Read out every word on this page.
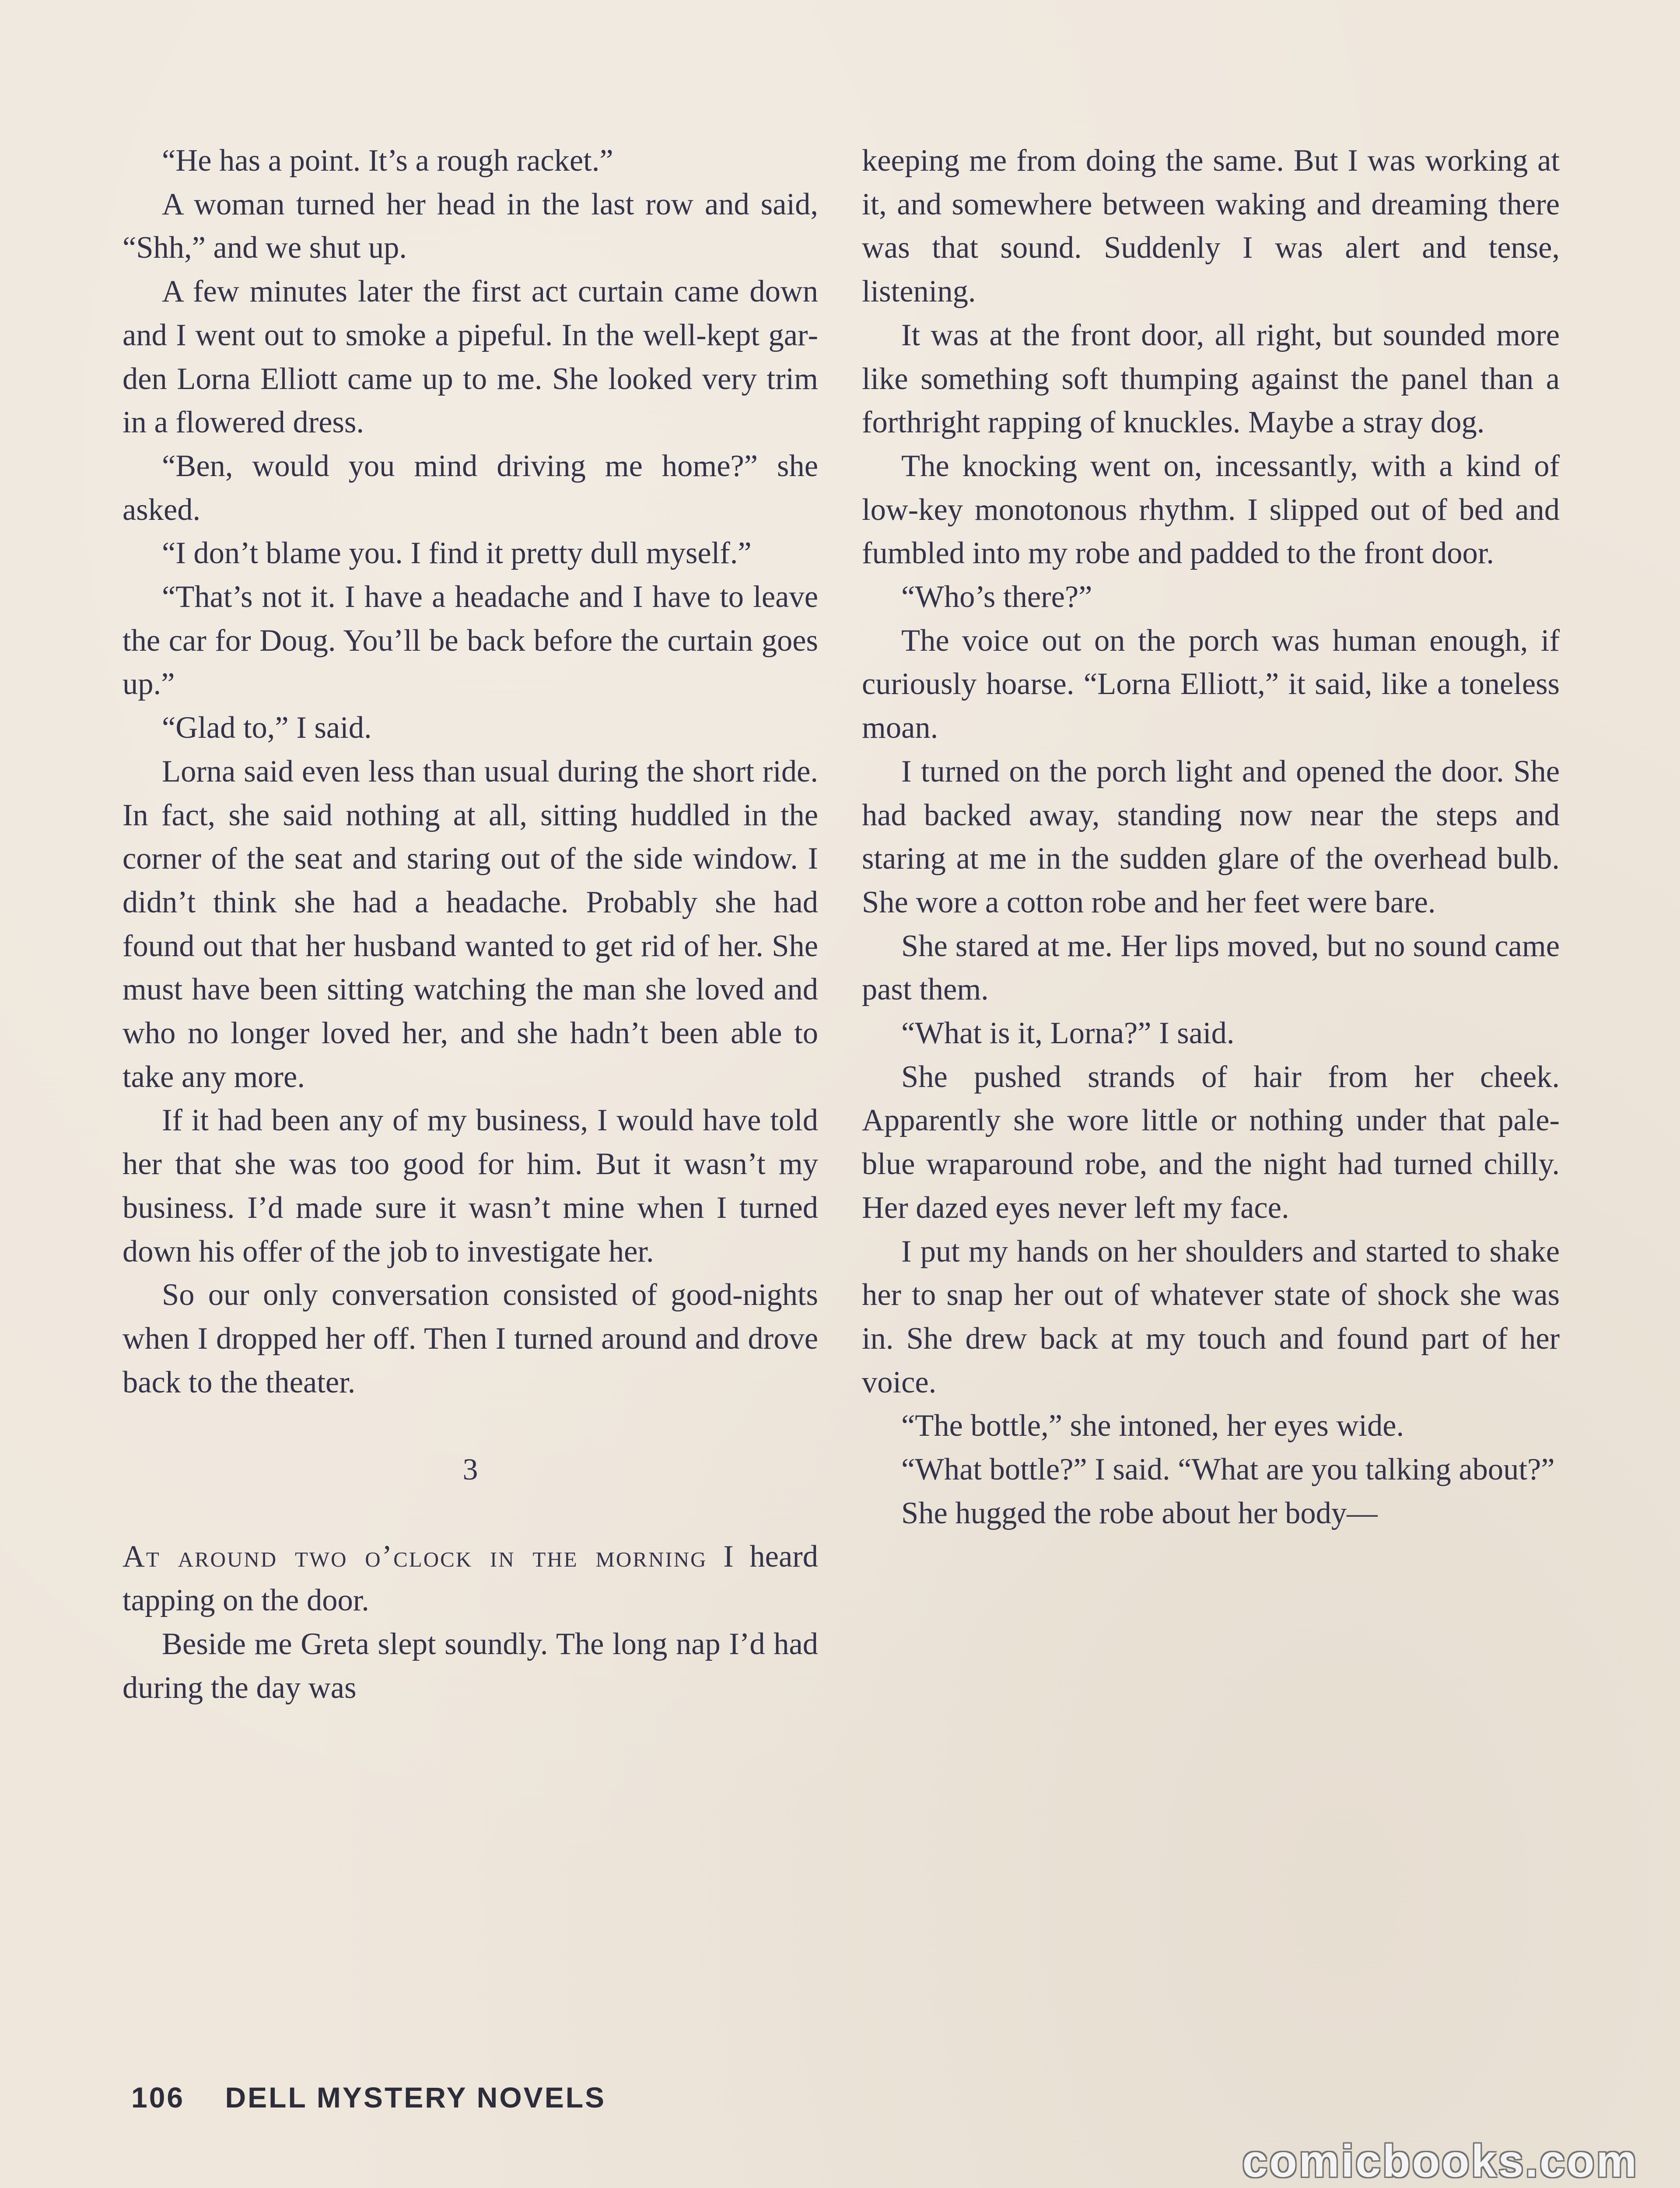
“He has a point. It’s a rough racket.”

A woman turned her head in the last row and said, “Shh,” and we shut up.

A few minutes later the first act curtain came down and I went out to smoke a pipeful. In the well-kept garden Lorna Elliott came up to me. She looked very trim in a flowered dress.

“Ben, would you mind driving me home?” she asked.

“I don’t blame you. I find it pretty dull myself.”

“That’s not it. I have a headache and I have to leave the car for Doug. You’ll be back before the curtain goes up.”

“Glad to,” I said.

Lorna said even less than usual during the short ride. In fact, she said nothing at all, sitting huddled in the corner of the seat and staring out of the side window. I didn’t think she had a headache. Probably she had found out that her husband wanted to get rid of her. She must have been sitting watching the man she loved and who no longer loved her, and she hadn’t been able to take any more.

If it had been any of my business, I would have told her that she was too good for him. But it wasn’t my business. I’d made sure it wasn’t mine when I turned down his offer of the job to investigate her.

So our only conversation consisted of good-nights when I dropped her off. Then I turned around and drove back to the theater.

3

At around two o’clock in the morning I heard tapping on the door.

Beside me Greta slept soundly. The long nap I’d had during the day was

keeping me from doing the same. But I was working at it, and somewhere between waking and dreaming there was that sound. Suddenly I was alert and tense, listening.

It was at the front door, all right, but sounded more like something soft thumping against the panel than a forthright rapping of knuckles. Maybe a stray dog.

The knocking went on, incessantly, with a kind of low-key monotonous rhythm. I slipped out of bed and fumbled into my robe and padded to the front door.

“Who’s there?”

The voice out on the porch was human enough, if curiously hoarse. “Lorna Elliott,” it said, like a toneless moan.

I turned on the porch light and opened the door. She had backed away, standing now near the steps and staring at me in the sudden glare of the overhead bulb. She wore a cotton robe and her feet were bare.

She stared at me. Her lips moved, but no sound came past them.

“What is it, Lorna?” I said.

She pushed strands of hair from her cheek. Apparently she wore little or nothing under that pale-blue wraparound robe, and the night had turned chilly. Her dazed eyes never left my face.

I put my hands on her shoulders and started to shake her to snap her out of whatever state of shock she was in. She drew back at my touch and found part of her voice.

“The bottle,” she intoned, her eyes wide.

“What bottle?” I said. “What are you talking about?”

She hugged the robe about her body—

106 DELL MYSTERY NOVELS
comicbooks.com
